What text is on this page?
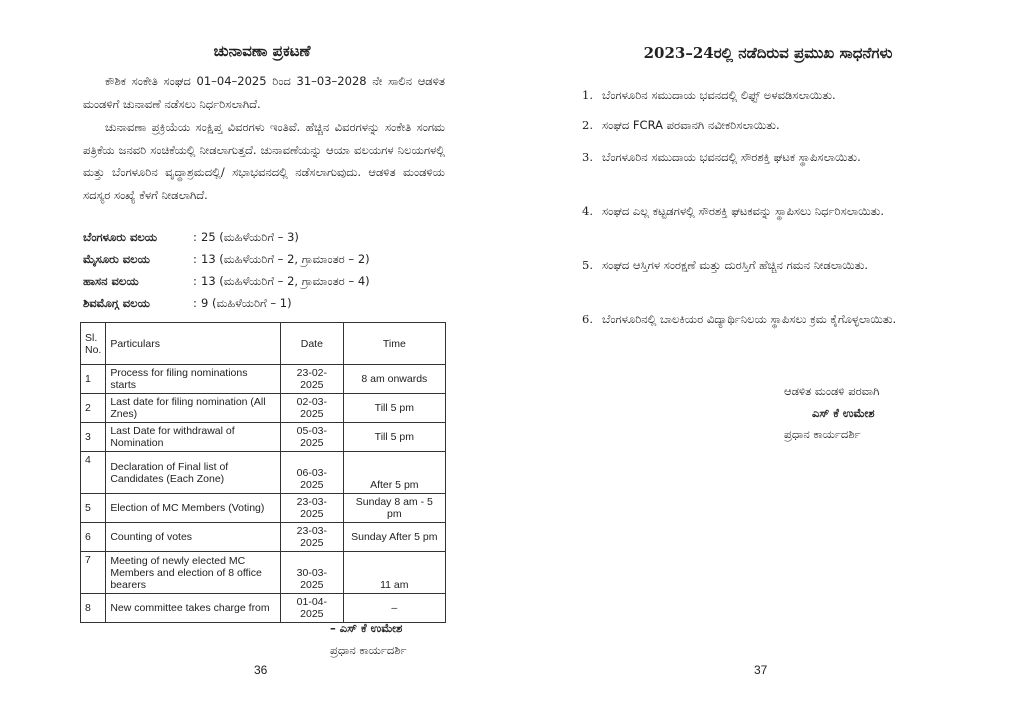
ಚುನಾವಣಾ ಪ್ರಕಟಣೆ

ಕೌಶಿಕ ಸಂಕೇತಿ ಸಂಘದ 01–04–2025 ರಿಂದ 31–03–2028 ನೇ ಸಾಲಿನ ಆಡಳಿತ ಮಂಡಳಿಗೆ ಚುನಾವಣೆ ನಡೆಸಲು ನಿರ್ಧರಿಸಲಾಗಿದೆ.

ಚುನಾವಣಾ ಪ್ರಕ್ರಿಯೆಯ ಸಂಕ್ಷಿಪ್ತ ವಿವರಗಳು ಇಂತಿವೆ. ಹೆಚ್ಚಿನ ವಿವರಗಳನ್ನು ಸಂಕೇತಿ ಸಂಗಮ ಪತ್ರಿಕೆಯ ಜನವರಿ ಸಂಚಿಕೆಯಲ್ಲಿ ನೀಡಲಾಗುತ್ತದೆ. ಚುನಾವಣೆಯನ್ನು ಆಯಾ ವಲಯಗಳ ನಿಲಯಗಳಲ್ಲಿ ಮತ್ತು ಬೆಂಗಳೂರಿನ ವೃದ್ಧಾಶ್ರಮದಲ್ಲಿ/ ಸಭಾಭವನದಲ್ಲಿ ನಡೆಸಲಾಗುವುದು. ಆಡಳಿತ ಮಂಡಳಿಯ ಸದಸ್ಯರ ಸಂಖ್ಯೆ ಕೆಳಗೆ ನೀಡಲಾಗಿದೆ.

ಬೆಂಗಳೂರು ವಲಯ	: 25 (ಮಹಿಳೆಯರಿಗೆ – 3)
ಮೈಸೂರು ವಲಯ	: 13 (ಮಹಿಳೆಯರಿಗೆ – 2, ಗ್ರಾಮಾಂತರ – 2)
ಹಾಸನ ವಲಯ	: 13 (ಮಹಿಳೆಯರಿಗೆ – 2, ಗ್ರಾಮಾಂತರ – 4)
ಶಿವಮೊಗ್ಗ ವಲಯ	: 9 (ಮಹಿಳೆಯರಿಗೆ – 1)
Sl. No.	Particulars	Date	Time
1	Process for filing nominations starts	23-02-2025	8 am onwards
2	Last date for filing nomination (All Znes)	02-03-2025	Till 5 pm
3	Last Date for withdrawal of Nomination	05-03-2025	Till 5 pm
4	Declaration of Final list of Candidates (Each Zone)	06-03-2025	After 5 pm
5	Election of MC Members (Voting)	23-03-2025	Sunday 8 am - 5 pm
6	Counting of votes	23-03-2025	Sunday After 5 pm
7	Meeting of newly elected MC Members and election of 8 office bearers	30-03-2025	11 am
8	New committee takes charge from	01-04-2025	–
– ಎಸ್ ಕೆ ಉಮೇಶ
ಪ್ರಧಾನ ಕಾರ್ಯದರ್ಶಿ
36
2023–24ರಲ್ಲಿ ನಡೆದಿರುವ ಪ್ರಮುಖ ಸಾಧನೆಗಳು
1. ಬೆಂಗಳೂರಿನ ಸಮುದಾಯ ಭವನದಲ್ಲಿ ಲಿಫ್ಟ್ ಅಳವಡಿಸಲಾಯಿತು.
2. ಸಂಘದ FCRA ಪರವಾನಗಿ ನವೀಕರಿಸಲಾಯಿತು.
3. ಬೆಂಗಳೂರಿನ ಸಮುದಾಯ ಭವನದಲ್ಲಿ ಸೌರಶಕ್ತಿ ಘಟಕ ಸ್ಥಾಪಿಸಲಾಯಿತು.
4. ಸಂಘದ ಎಲ್ಲ ಕಟ್ಟಡಗಳಲ್ಲಿ ಸೌರಶಕ್ತಿ ಘಟಕವನ್ನು ಸ್ಥಾಪಿಸಲು ನಿರ್ಧರಿಸಲಾಯಿತು.
5. ಸಂಘದ ಆಸ್ತಿಗಳ ಸಂರಕ್ಷಣೆ ಮತ್ತು ದುರಸ್ತಿಗೆ ಹೆಚ್ಚಿನ ಗಮನ ನೀಡಲಾಯಿತು.
6. ಬೆಂಗಳೂರಿನಲ್ಲಿ ಬಾಲಕಿಯರ ವಿದ್ಯಾರ್ಥಿನಿಲಯ ಸ್ಥಾಪಿಸಲು ಕ್ರಮ ಕೈಗೊಳ್ಳಲಾಯಿತು.
ಆಡಳಿತ ಮಂಡಳಿ ಪರವಾಗಿ
ಎಸ್ ಕೆ ಉಮೇಶ
ಪ್ರಧಾನ ಕಾರ್ಯದರ್ಶಿ
37
